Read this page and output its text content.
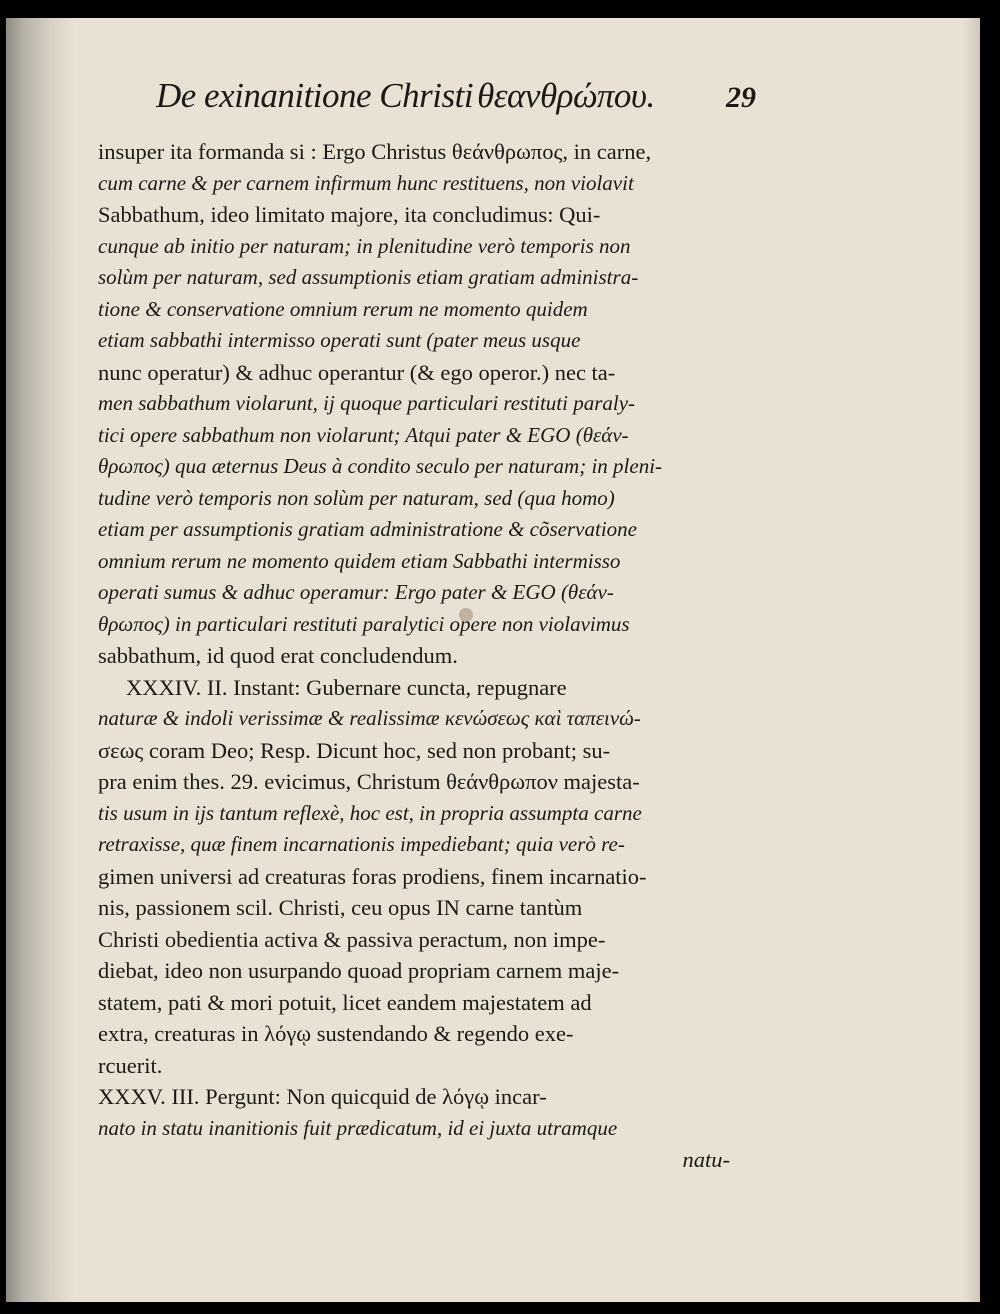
De exinanitione Christi θεανθρώπου. 29
insuper ita formanda si : Ergo Christus θεάνθρωπος, in carne,
cum carne & per carnem infirmum hunc restituens, non violavit
Sabbathum, ideo limitato majore, ita concludimus: Qui-
cunque ab initio per naturam; in plenitudine verò temporis non
solùm per naturam, sed assumptionis etiam gratiam administra-
tione & conservatione omnium rerum ne momento quidem
etiam sabbathi intermisso operati sunt (pater meus usque
nunc operatur) & adhuc operantur (& ego operor.) nec ta-
men sabbathum violarunt, ij quoque particulari restituti paraly-
tici opere sabbathum non violarunt; Atqui pater & EGO (θεάν-
θρωπος) qua æternus Deus à condito seculo per naturam; in pleni-
tudine verò temporis non solùm per naturam, sed (qua homo)
etiam per assumptionis gratiam administratione & cõservatione
omnium rerum ne momento quidem etiam Sabbathi intermisso
operati sumus & adhuc operamur: Ergo pater & EGO (θεάν-
θρωπος) in particulari restituti paralytici opere non violavimus
sabbathum, id quod erat concludendum.
XXXIV. II. Instant: Gubernare cuncta, repugnare
naturæ & indoli verissimæ & realissimæ κενώσεως καὶ ταπεινώ-
σεως coram Deo; Resp. Dicunt hoc, sed non probant; su-
pra enim thes. 29. evicimus, Christum θεάνθρωπον majesta-
tis usum in ijs tantum reflexè, hoc est, in propria assumpta carne
retraxisse, quæ finem incarnationis impediebant; quia verò re-
gimen universi ad creaturas foras prodiens, finem incarnatio-
nis, passionem scil. Christi, ceu opus IN carne tantùm
Christi obedientia activa & passiva peractum, non impe-
diebat, ideo non usurpando quoad propriam carnem maje-
statem, pati & mori potuit, licet eandem majestatem ad
extra, creaturas in λόγῳ sustendando & regendo exe-
rcuerit.
XXXV. III. Pergunt: Non quicquid de λόγῳ incar-
nato in statu inanitionis fuit prædicatum, id ei juxta utramque
natu-
